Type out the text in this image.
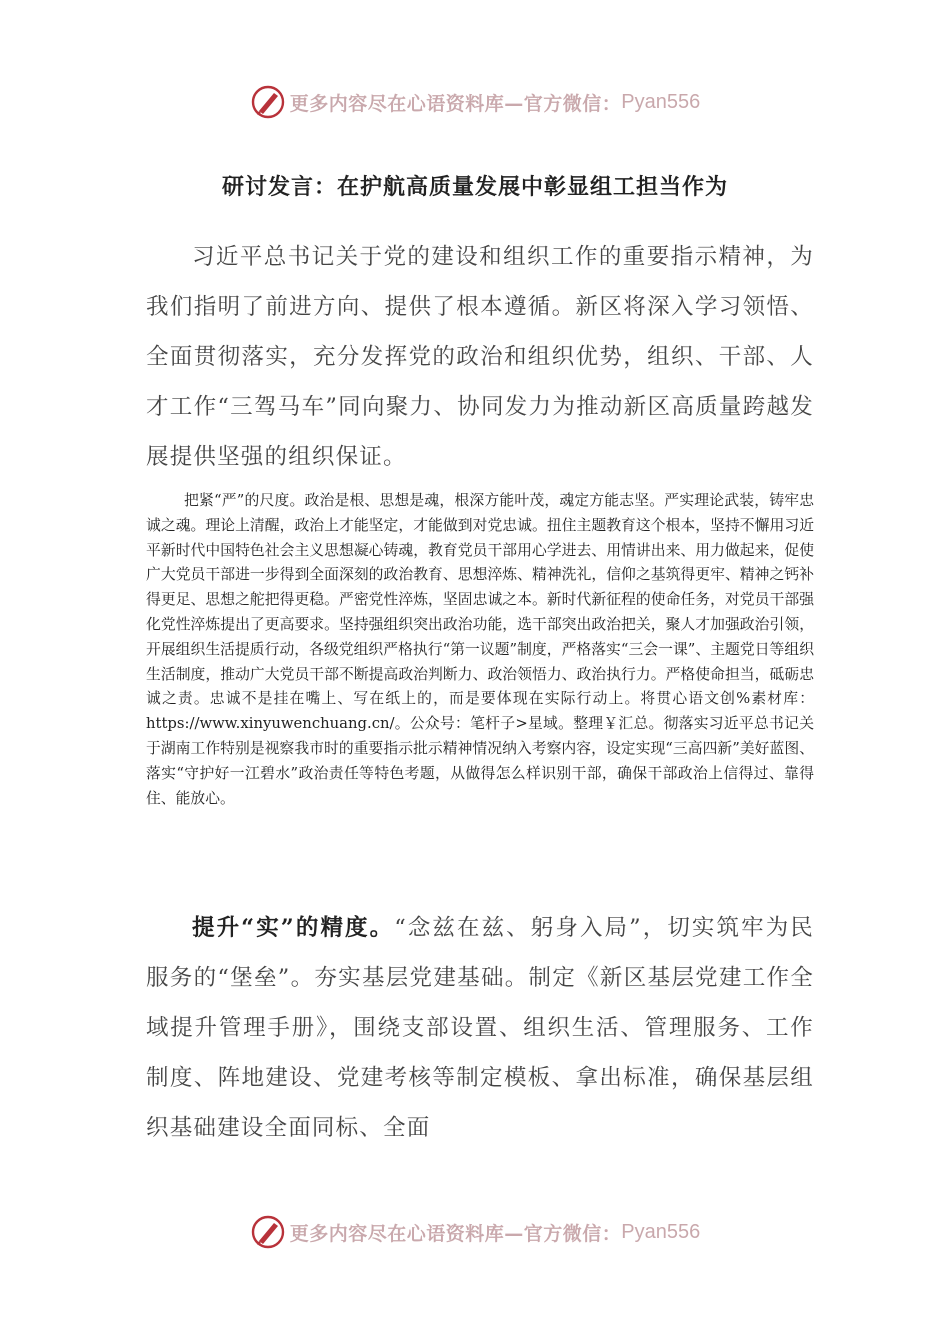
更多内容尽在心语资料库—官方微信： Pyan556
研讨发言：在护航高质量发展中彰显组工担当作为

习近平总书记关于党的建设和组织工作的重要指示精神，为我们指明了前进方向、提供了根本遵循。新区将深入学习领悟、全面贯彻落实，充分发挥党的政治和组织优势，组织、干部、人才工作“三驾马车”同向聚力、协同发力为推动新区高质量跨越发展提供坚强的组织保证。

把紧“严”的尺度。政治是根、思想是魂，根深方能叶茂，魂定方能志坚。严实理论武装，铸牢忠诚之魂。理论上清醒，政治上才能坚定，才能做到对党忠诚。扭住主题教育这个根本，坚持不懈用习近平新时代中国特色社会主义思想凝心铸魂，教育党员干部用心学进去、用情讲出来、用力做起来，促使广大党员干部进一步得到全面深刻的政治教育、思想淬炼、精神洗礼，信仰之基筑得更牢、精神之钙补得更足、思想之舵把得更稳。严密党性淬炼，坚固忠诚之本。新时代新征程的使命任务，对党员干部强化党性淬炼提出了更高要求。坚持强组织突出政治功能，选干部突出政治把关，聚人才加强政治引领，开展组织生活提质行动，各级党组织严格执行“第一议题”制度，严格落实“三会一课”、主题党日等组织生活制度，推动广大党员干部不断提高政治判断力、政治领悟力、政治执行力。严格使命担当，砥砺忠诚之责。忠诚不是挂在嘴上、写在纸上的，而是要体现在实际行动上。将贯心语文创%素材库：https://www.xinyuwenchuang.cn/。公众号：笔杆子>星域。整理￥汇总。彻落实习近平总书记关于湖南工作特别是视察我市时的重要指示批示精神情况纳入考察内容，设定实现“三高四新”美好蓝图、落实“守护好一江碧水”政治责任等特色考题，从做得怎么样识别干部，确保干部政治上信得过、靠得住、能放心。

提升“实”的精度。“念兹在兹、躬身入局”，切实筑牢为民服务的“堡垒”。夯实基层党建基础。制定《新区基层党建工作全域提升管理手册》，围绕支部设置、组织生活、管理服务、工作制度、阵地建设、党建考核等制定模板、拿出标准，确保基层组织基础建设全面同标、全面

更多内容尽在心语资料库—官方微信： Pyan556
